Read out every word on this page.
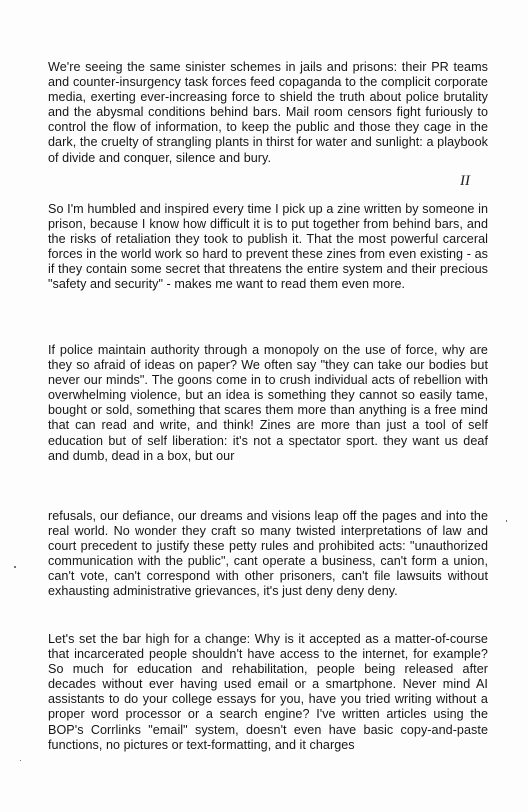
We're seeing the same sinister schemes in jails and prisons: their PR teams and counter-insurgency task forces feed copaganda to the complicit corporate media, exerting ever-increasing force to shield the truth about police brutality and the abysmal conditions behind bars. Mail room censors fight furiously to control the flow of information, to keep the public and those they cage in the dark, the cruelty of strangling plants in thirst for water and sunlight: a playbook of divide and conquer, silence and bury.

II

So I'm humbled and inspired every time I pick up a zine written by someone in prison, because I know how difficult it is to put together from behind bars, and the risks of retaliation they took to publish it. That the most powerful carceral forces in the world work so hard to prevent these zines from even existing - as if they contain some secret that threatens the entire system and their precious "safety and security" - makes me want to read them even more.

If police maintain authority through a monopoly on the use of force, why are they so afraid of ideas on paper? We often say "they can take our bodies but never our minds". The goons come in to crush individual acts of rebellion with overwhelming violence, but an idea is something they cannot so easily tame, bought or sold, something that scares them more than anything is a free mind that can read and write, and think! Zines are more than just a tool of self education but of self liberation: it's not a spectator sport. they want us deaf and dumb, dead in a box, but our

refusals, our defiance, our dreams and visions leap off the pages and into the real world. No wonder they craft so many twisted interpretations of law and court precedent to justify these petty rules and prohibited acts: "unauthorized communication with the public", cant operate a business, can't form a union, can't vote, can't correspond with other prisoners, can't file lawsuits without exhausting administrative grievances, it's just deny deny deny.

Let's set the bar high for a change: Why is it accepted as a matter-of-course that incarcerated people shouldn't have access to the internet, for example? So much for education and rehabilitation, people being released after decades without ever having used email or a smartphone. Never mind AI assistants to do your college essays for you, have you tried writing without a proper word processor or a search engine? I've written articles using the BOP's Corrlinks "email" system, doesn't even have basic copy-and-paste functions, no pictures or text-formatting, and it charges
